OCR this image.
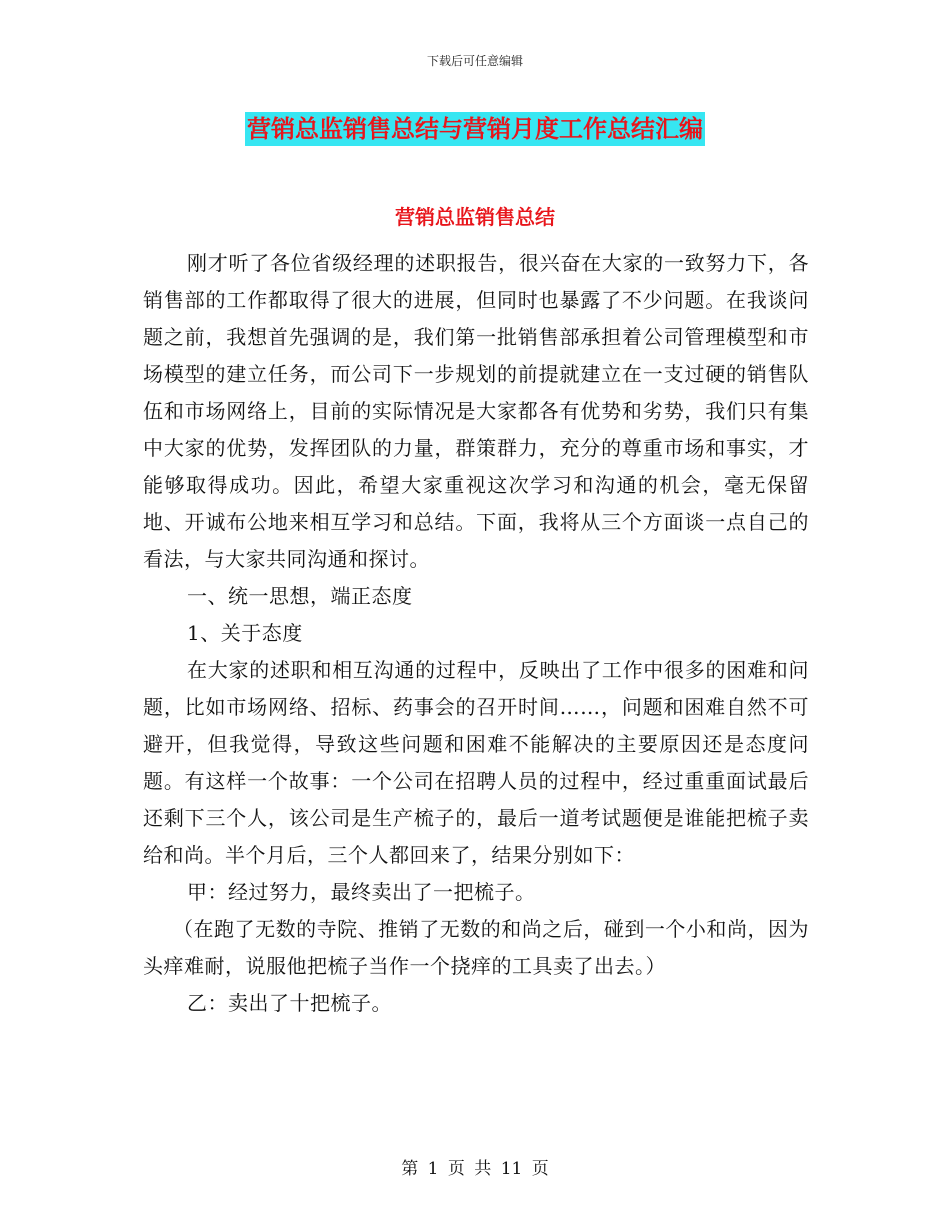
下载后可任意编辑
营销总监销售总结与营销月度工作总结汇编
营销总监销售总结

刚才听了各位省级经理的述职报告，很兴奋在大家的一致努力下，各销售部的工作都取得了很大的进展，但同时也暴露了不少问题。在我谈问题之前，我想首先强调的是，我们第一批销售部承担着公司管理模型和市场模型的建立任务，而公司下一步规划的前提就建立在一支过硬的销售队伍和市场网络上，目前的实际情况是大家都各有优势和劣势，我们只有集中大家的优势，发挥团队的力量，群策群力，充分的尊重市场和事实，才能够取得成功。因此，希望大家重视这次学习和沟通的机会，毫无保留地、开诚布公地来相互学习和总结。下面，我将从三个方面谈一点自己的看法，与大家共同沟通和探讨。

一、统一思想，端正态度

1、关于态度

在大家的述职和相互沟通的过程中，反映出了工作中很多的困难和问题，比如市场网络、招标、药事会的召开时间……，问题和困难自然不可避开，但我觉得，导致这些问题和困难不能解决的主要原因还是态度问题。有这样一个故事：一个公司在招聘人员的过程中，经过重重面试最后还剩下三个人，该公司是生产梳子的，最后一道考试题便是谁能把梳子卖给和尚。半个月后，三个人都回来了，结果分别如下：

甲：经过努力，最终卖出了一把梳子。

（在跑了无数的寺院、推销了无数的和尚之后，碰到一个小和尚，因为头痒难耐，说服他把梳子当作一个挠痒的工具卖了出去。）

乙：卖出了十把梳子。

第 1 页 共 11 页
